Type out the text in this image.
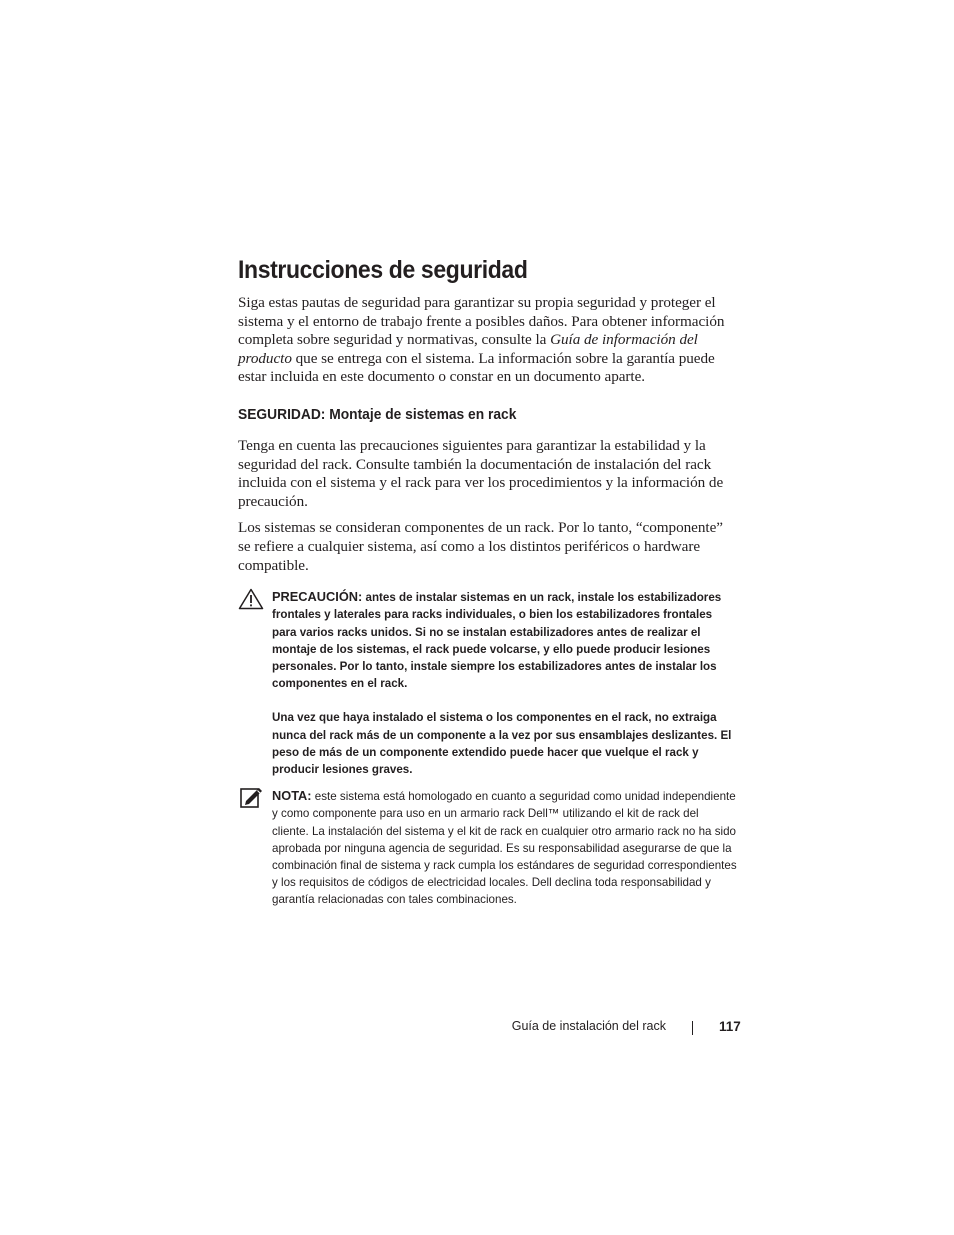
Instrucciones de seguridad

Siga estas pautas de seguridad para garantizar su propia seguridad y proteger el sistema y el entorno de trabajo frente a posibles daños. Para obtener información completa sobre seguridad y normativas, consulte la Guía de información del producto que se entrega con el sistema. La información sobre la garantía puede estar incluida en este documento o constar en un documento aparte.

SEGURIDAD: Montaje de sistemas en rack

Tenga en cuenta las precauciones siguientes para garantizar la estabilidad y la seguridad del rack. Consulte también la documentación de instalación del rack incluida con el sistema y el rack para ver los procedimientos y la información de precaución.

Los sistemas se consideran componentes de un rack. Por lo tanto, “componente” se refiere a cualquier sistema, así como a los distintos periféricos o hardware compatible.

PRECAUCIÓN: antes de instalar sistemas en un rack, instale los estabilizadores frontales y laterales para racks individuales, o bien los estabilizadores frontales para varios racks unidos. Si no se instalan estabilizadores antes de realizar el montaje de los sistemas, el rack puede volcarse, y ello puede producir lesiones personales. Por lo tanto, instale siempre los estabilizadores antes de instalar los componentes en el rack.

Una vez que haya instalado el sistema o los componentes en el rack, no extraiga nunca del rack más de un componente a la vez por sus ensamblajes deslizantes. El peso de más de un componente extendido puede hacer que vuelque el rack y producir lesiones graves.

NOTA: este sistema está homologado en cuanto a seguridad como unidad independiente y como componente para uso en un armario rack Dell™ utilizando el kit de rack del cliente. La instalación del sistema y el kit de rack en cualquier otro armario rack no ha sido aprobada por ninguna agencia de seguridad. Es su responsabilidad asegurarse de que la combinación final de sistema y rack cumpla los estándares de seguridad correspondientes y los requisitos de códigos de electricidad locales. Dell declina toda responsabilidad y garantía relacionadas con tales combinaciones.

Guía de instalación del rack	117
